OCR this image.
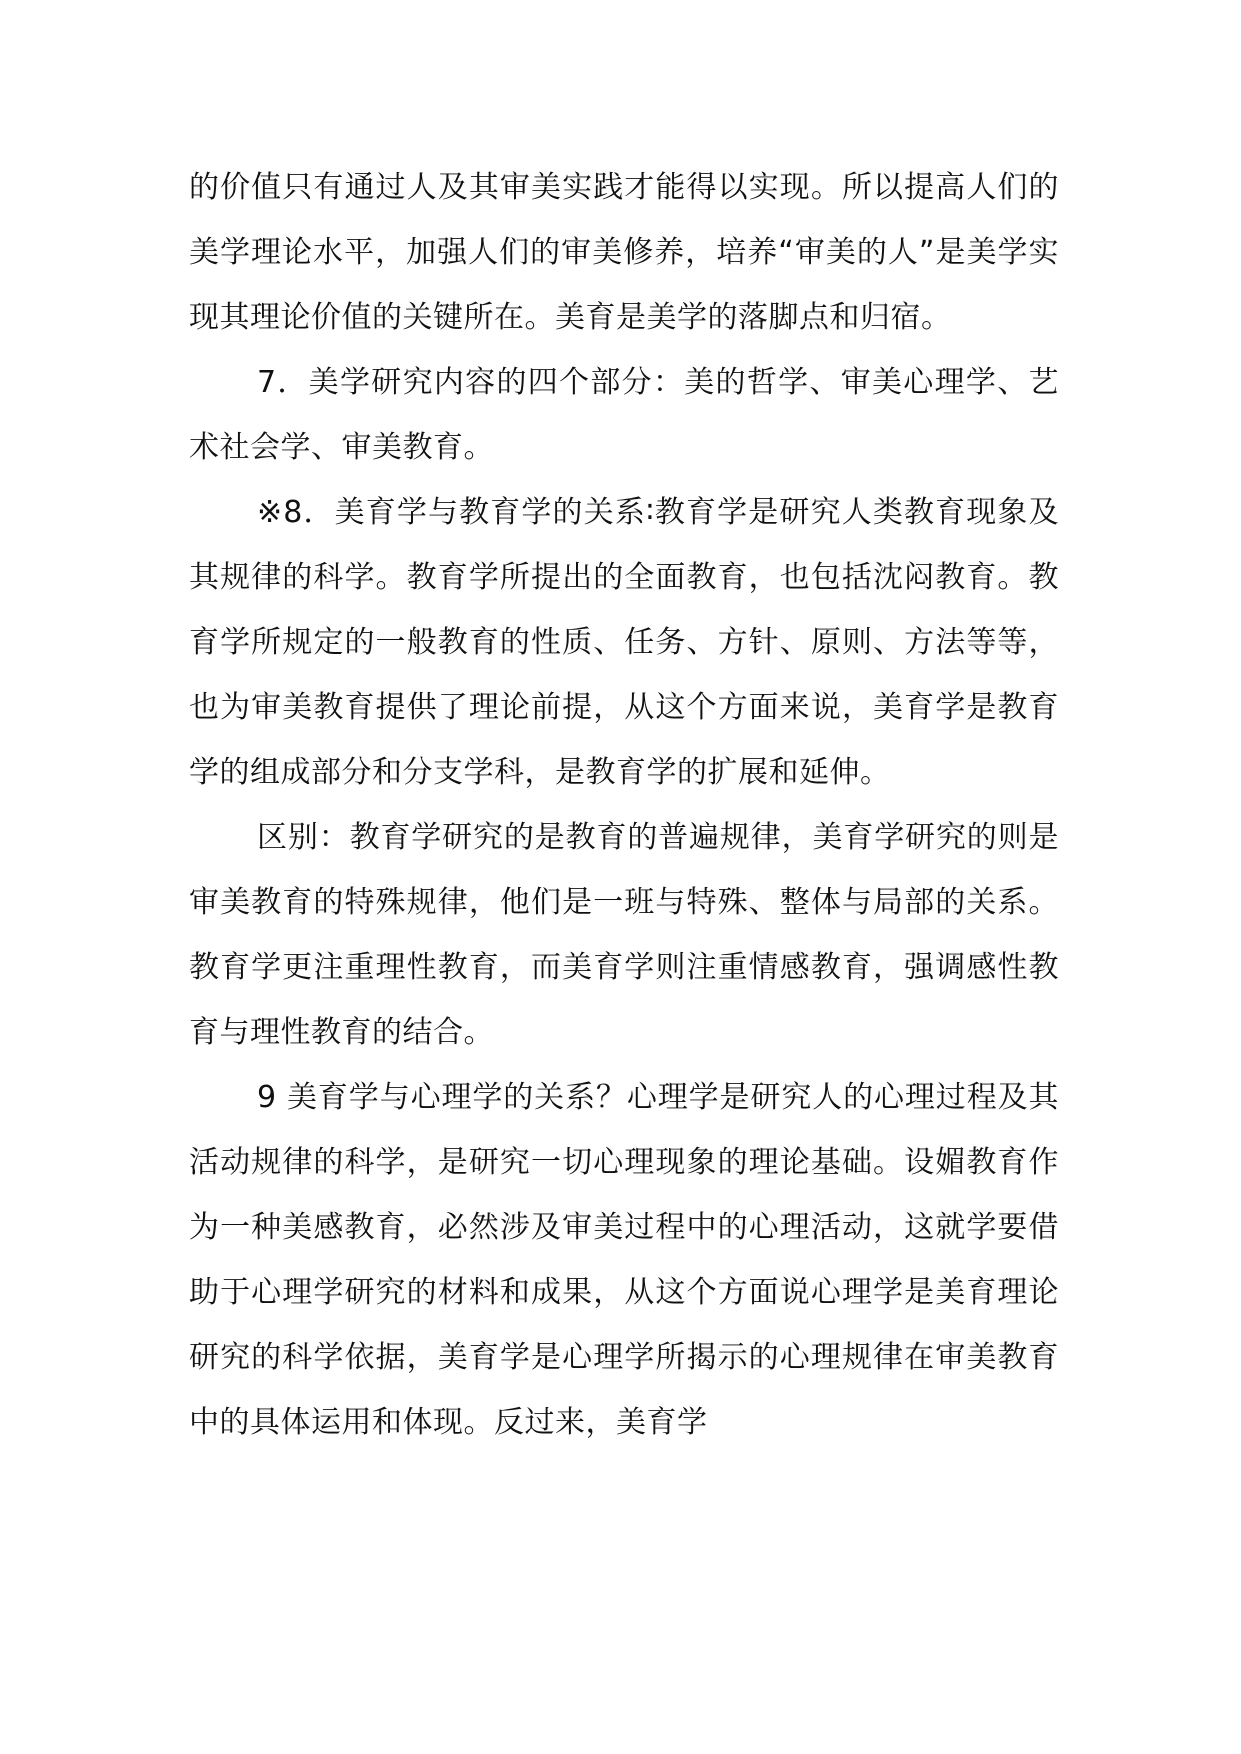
的价值只有通过人及其审美实践才能得以实现。所以提高人们的美学理论水平，加强人们的审美修养，培养“审美的人”是美学实现其理论价值的关键所在。美育是美学的落脚点和归宿。

7．美学研究内容的四个部分：美的哲学、审美心理学、艺术社会学、审美教育。

※8．美育学与教育学的关系∶教育学是研究人类教育现象及其规律的科学。教育学所提出的全面教育，也包括沈闷教育。教育学所规定的一般教育的性质、任务、方针、原则、方法等等，也为审美教育提供了理论前提，从这个方面来说，美育学是教育学的组成部分和分支学科，是教育学的扩展和延伸。

区别：教育学研究的是教育的普遍规律，美育学研究的则是审美教育的特殊规律，他们是一班与特殊、整体与局部的关系。教育学更注重理性教育，而美育学则注重情感教育，强调感性教育与理性教育的结合。

9 美育学与心理学的关系？心理学是研究人的心理过程及其活动规律的科学，是研究一切心理现象的理论基础。设媚教育作为一种美感教育，必然涉及审美过程中的心理活动，这就学要借助于心理学研究的材料和成果，从这个方面说心理学是美育理论研究的科学依据，美育学是心理学所揭示的心理规律在审美教育中的具体运用和体现。反过来，美育学
